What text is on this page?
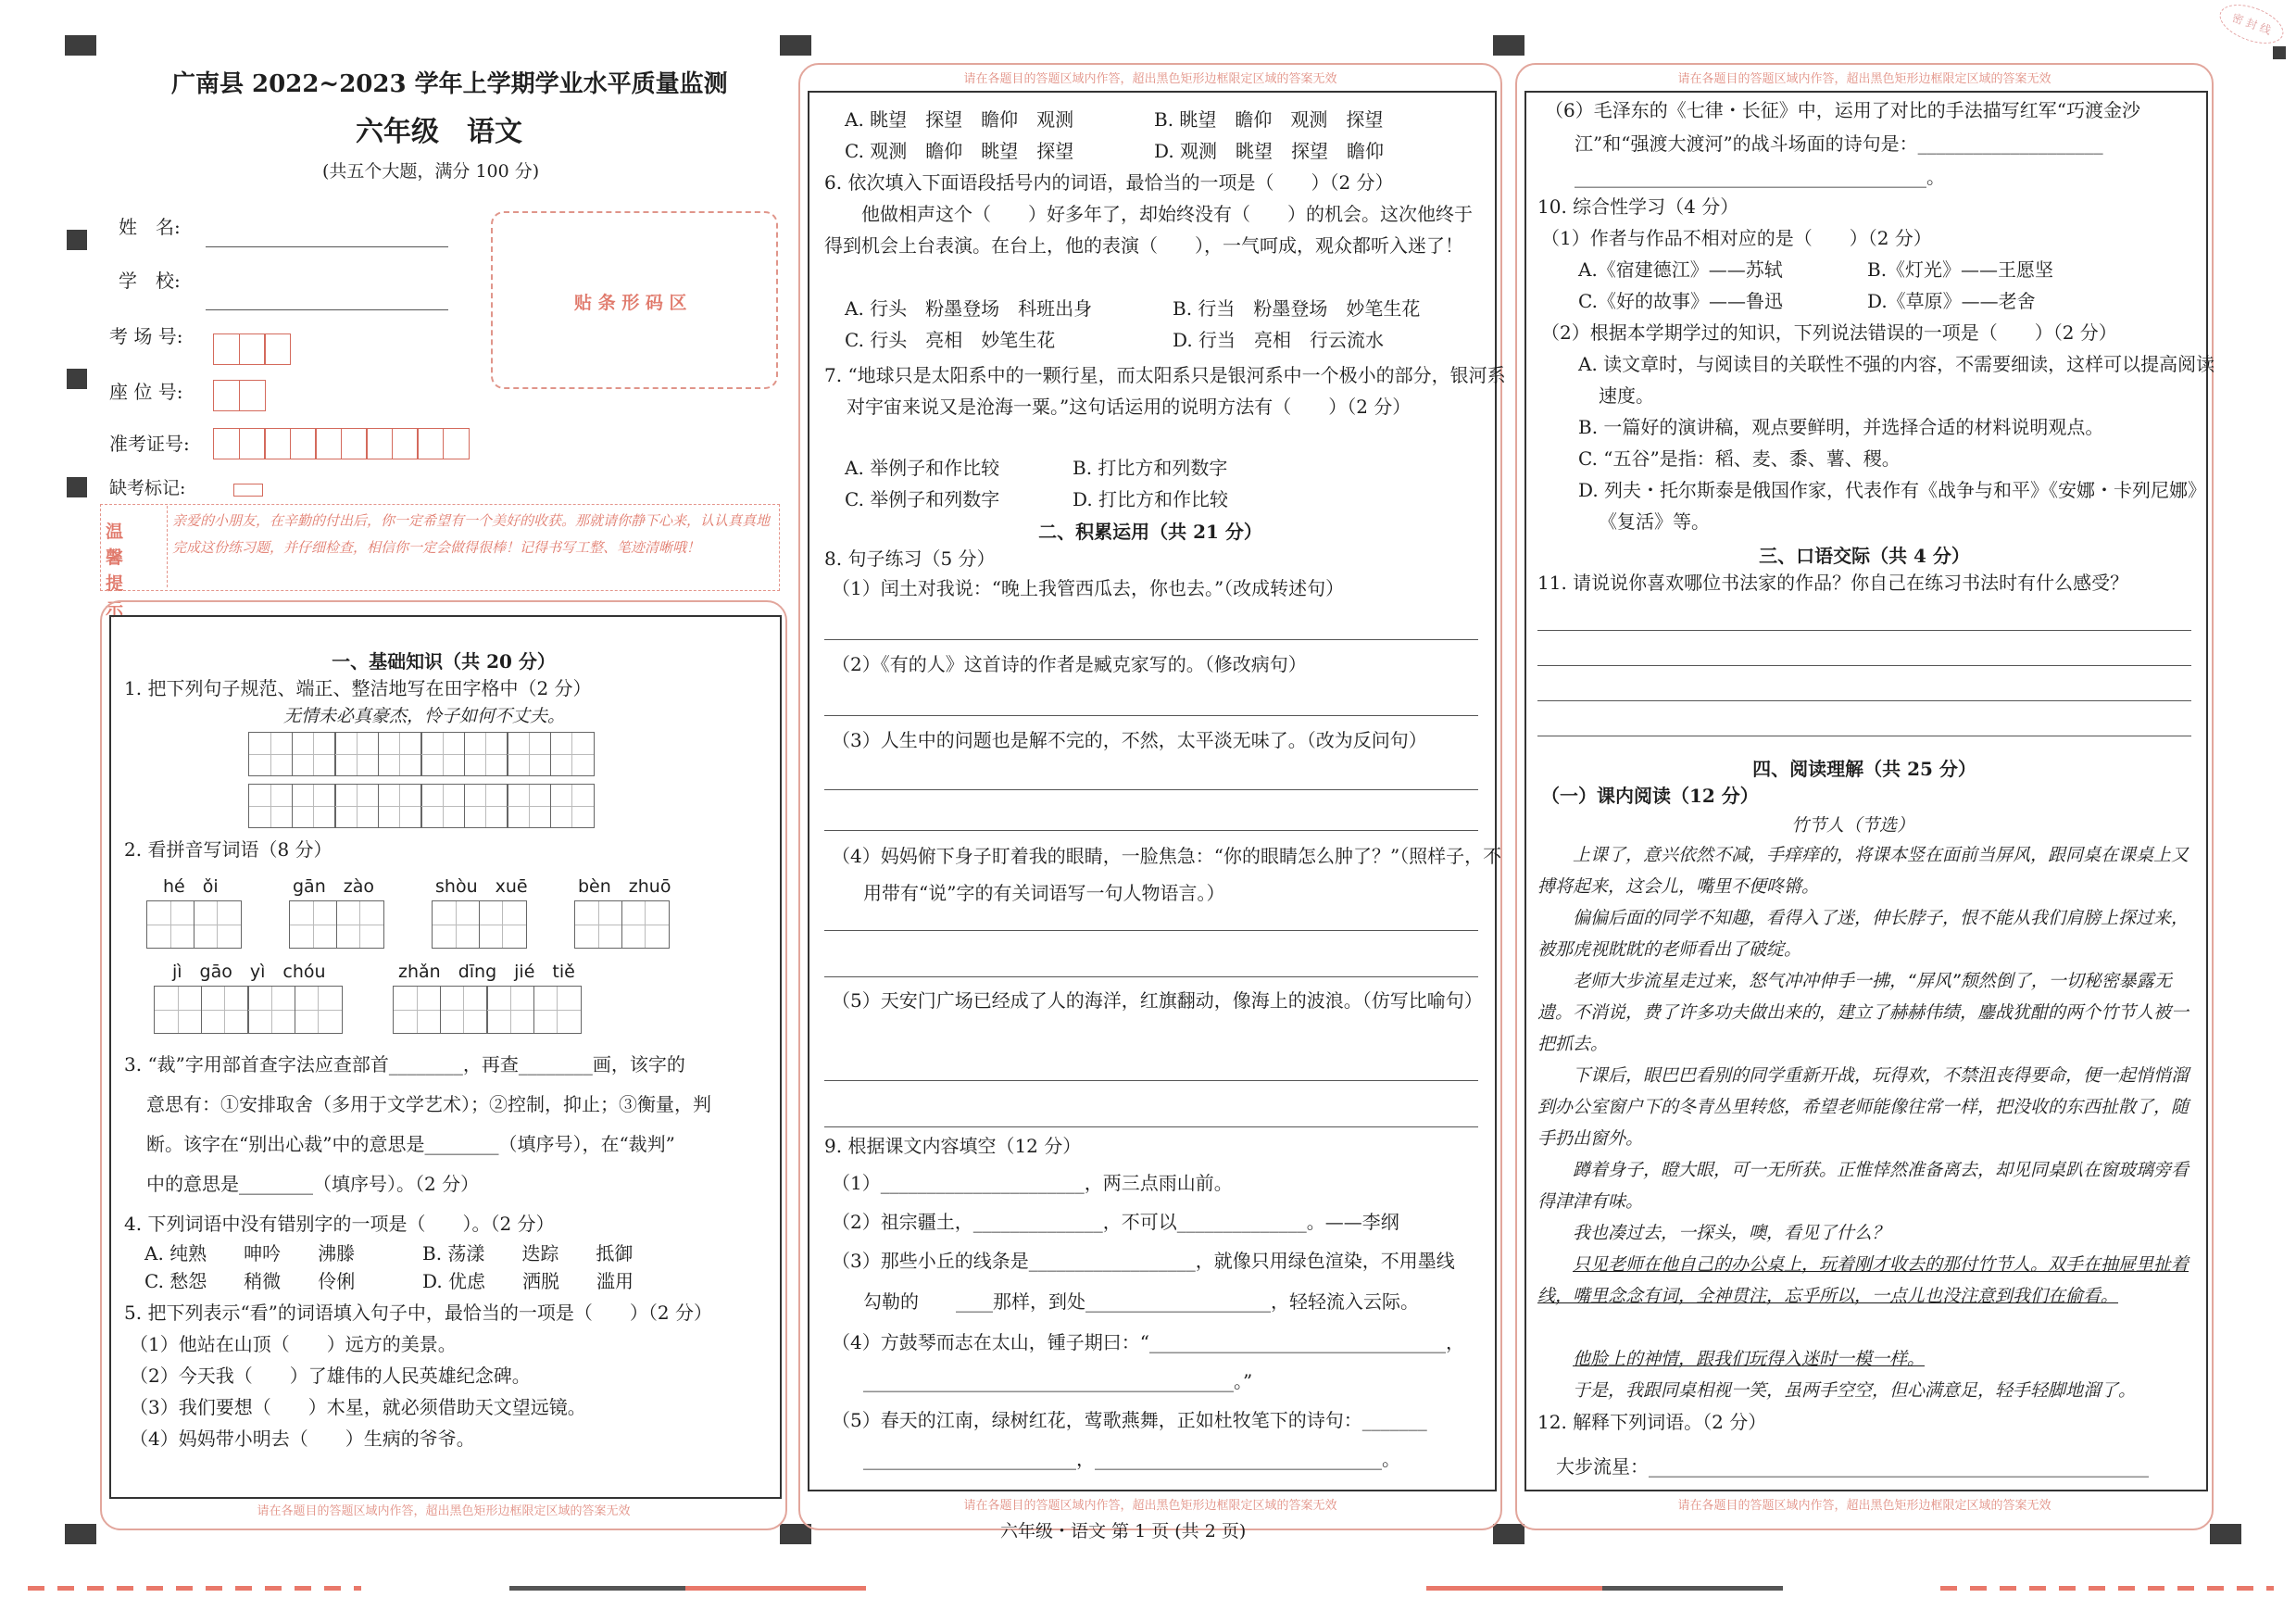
密 封 线
广南县 2022~2023 学年上学期学业水平质量监测
六年级　语文
(共五个大题，满分 100 分)
姓　名:
学　校:
考 场 号:
座 位 号:
准考证号:
缺考标记:
贴 条 形 码 区
温 馨 提 示
亲爱的小朋友，在辛勤的付出后，你一定希望有一个美好的收获。那就请你静下心来，认认真真地完成这份练习题，并仔细检查，相信你一定会做得很棒！记得书写工整、笔迹清晰哦！
请在各题目的答题区域内作答，超出黑色矩形边框限定区域的答案无效	请在各题目的答题区域内作答，超出黑色矩形边框限定区域的答案无效
请在各题目的答题区域内作答，超出黑色矩形边框限定区域的答案无效	请在各题目的答题区域内作答，超出黑色矩形边框限定区域的答案无效	请在各题目的答题区域内作答，超出黑色矩形边框限定区域的答案无效
六年级・语文 第 1 页 (共 2 页)
一、基础知识（共 20 分）
1. 把下列句子规范、端正、整洁地写在田字格中（2 分）
无情未必真豪杰，怜子如何不丈夫。
2. 看拼音写词语（8 分）
hé　ǒi	gān　zào	shòu　xuē	bèn　zhuō
jì　gāo　yì　chóu	zhǎn　dīng　jié　tiě
3. “裁”字用部首查字法应查部首________，再查________画，该字的
意思有：①安排取舍（多用于文学艺术）；②控制，抑止；③衡量，判
断。该字在“别出心裁”中的意思是________（填序号），在“裁判”
中的意思是________（填序号）。（2 分）
4. 下列词语中没有错别字的一项是（　　）。（2 分）
A. 纯熟　　呻吟　　沸滕	B. 荡漾　　迭踪　　抵御
C. 愁怨　　稍微　　伶俐	D. 优虑　　洒脱　　滥用
5. 把下列表示“看”的词语填入句子中，最恰当的一项是（　　）（2 分）
（1）他站在山顶（　　）远方的美景。
（2）今天我（　　）了雄伟的人民英雄纪念碑。
（3）我们要想（　　）木星，就必须借助天文望远镜。
（4）妈妈带小明去（　　）生病的爷爷。
A. 眺望　探望　瞻仰　观测	B. 眺望　瞻仰　观测　探望
C. 观测　瞻仰　眺望　探望	D. 观测　眺望　探望　瞻仰
6. 依次填入下面语段括号内的词语，最恰当的一项是（　　）（2 分）
他做相声这个（　　）好多年了，却始终没有（　　）的机会。这次他终于得到机会上台表演。在台上，他的表演（　　），一气呵成，观众都听入迷了！
A. 行头　粉墨登场　科班出身	B. 行当　粉墨登场　妙笔生花
C. 行头　亮相　妙笔生花	D. 行当　亮相　行云流水
7. “地球只是太阳系中的一颗行星，而太阳系只是银河系中一个极小的部分，银河系对宇宙来说又是沧海一粟。”这句话运用的说明方法有（　　）（2 分）
A. 举例子和作比较	B. 打比方和列数字
C. 举例子和列数字	D. 打比方和作比较
二、积累运用（共 21 分）
8. 句子练习（5 分）
（1）闰土对我说：“晚上我管西瓜去，你也去。”（改成转述句）
（2）《有的人》这首诗的作者是臧克家写的。（修改病句）
（3）人生中的问题也是解不完的，不然，太平淡无味了。（改为反问句）
（4）妈妈俯下身子盯着我的眼睛，一脸焦急：“你的眼睛怎么肿了？”（照样子，不用带有“说”字的有关词语写一句人物语言。）
（5）天安门广场已经成了人的海洋，红旗翻动，像海上的波浪。（仿写比喻句）
9. 根据课文内容填空（12 分）
（1）______________________，两三点雨山前。
（2）祖宗疆土，______________，不可以______________。——李纲
（3）那些小丘的线条是__________________，就像只用绿色渲染，不用墨线
勾勒的　　____那样，到处____________________，轻轻流入云际。
（4）方鼓琴而志在太山，锺子期曰：“________________________________，
________________________________________。”
（5）春天的江南，绿树红花，莺歌燕舞，正如杜牧笔下的诗句：_______
_______________________，_______________________________。
（6）毛泽东的《七律・长征》中，运用了对比的手法描写红军“巧渡金沙
江”和“强渡大渡河”的战斗场面的诗句是：____________________
______________________________________。
10. 综合性学习（4 分）
（1）作者与作品不相对应的是（　　）（2 分）
A.《宿建德江》——苏轼	B.《灯光》——王愿坚
C.《好的故事》——鲁迅	D.《草原》——老舍
（2）根据本学期学过的知识，下列说法错误的一项是（　　）（2 分）
A. 读文章时，与阅读目的关联性不强的内容，不需要细读，这样可以提高阅读速度。
B. 一篇好的演讲稿，观点要鲜明，并选择合适的材料说明观点。
C. “五谷”是指：稻、麦、黍、薯、稷。
D. 列夫・托尔斯泰是俄国作家，代表作有《战争与和平》《安娜・卡列尼娜》《复活》等。
三、口语交际（共 4 分）
11. 请说说你喜欢哪位书法家的作品？你自己在练习书法时有什么感受？
四、阅读理解（共 25 分）
（一）课内阅读（12 分）
竹节人（节选）
上课了，意兴依然不减，手痒痒的，将课本竖在面前当屏风，跟同桌在课桌上又搏将起来，这会儿，嘴里不便咚锵。
偏偏后面的同学不知趣，看得入了迷，伸长脖子，恨不能从我们肩膀上探过来，被那虎视眈眈的老师看出了破绽。
老师大步流星走过来，怒气冲冲伸手一拂，“屏风”颓然倒了，一切秘密暴露无遗。不消说，费了许多功夫做出来的，建立了赫赫伟绩，鏖战犹酣的两个竹节人被一把抓去。
下课后，眼巴巴看别的同学重新开战，玩得欢，不禁沮丧得要命，便一起悄悄溜到办公室窗户下的冬青丛里转悠，希望老师能像往常一样，把没收的东西扯散了，随手扔出窗外。
蹲着身子，瞪大眼，可一无所获。正惟悻然准备离去，却见同桌趴在窗玻璃旁看得津津有味。
我也凑过去，一探头，噢，看见了什么？
只见老师在他自己的办公桌上，玩着刚才收去的那付竹节人。双手在抽屉里扯着线，嘴里念念有词，全神贯注，忘乎所以，一点儿也没注意到我们在偷看。
他脸上的神情，跟我们玩得入迷时一模一样。
于是，我跟同桌相视一笑，虽两手空空，但心满意足，轻手轻脚地溜了。
12. 解释下列词语。（2 分）
大步流星：______________________________________________________
